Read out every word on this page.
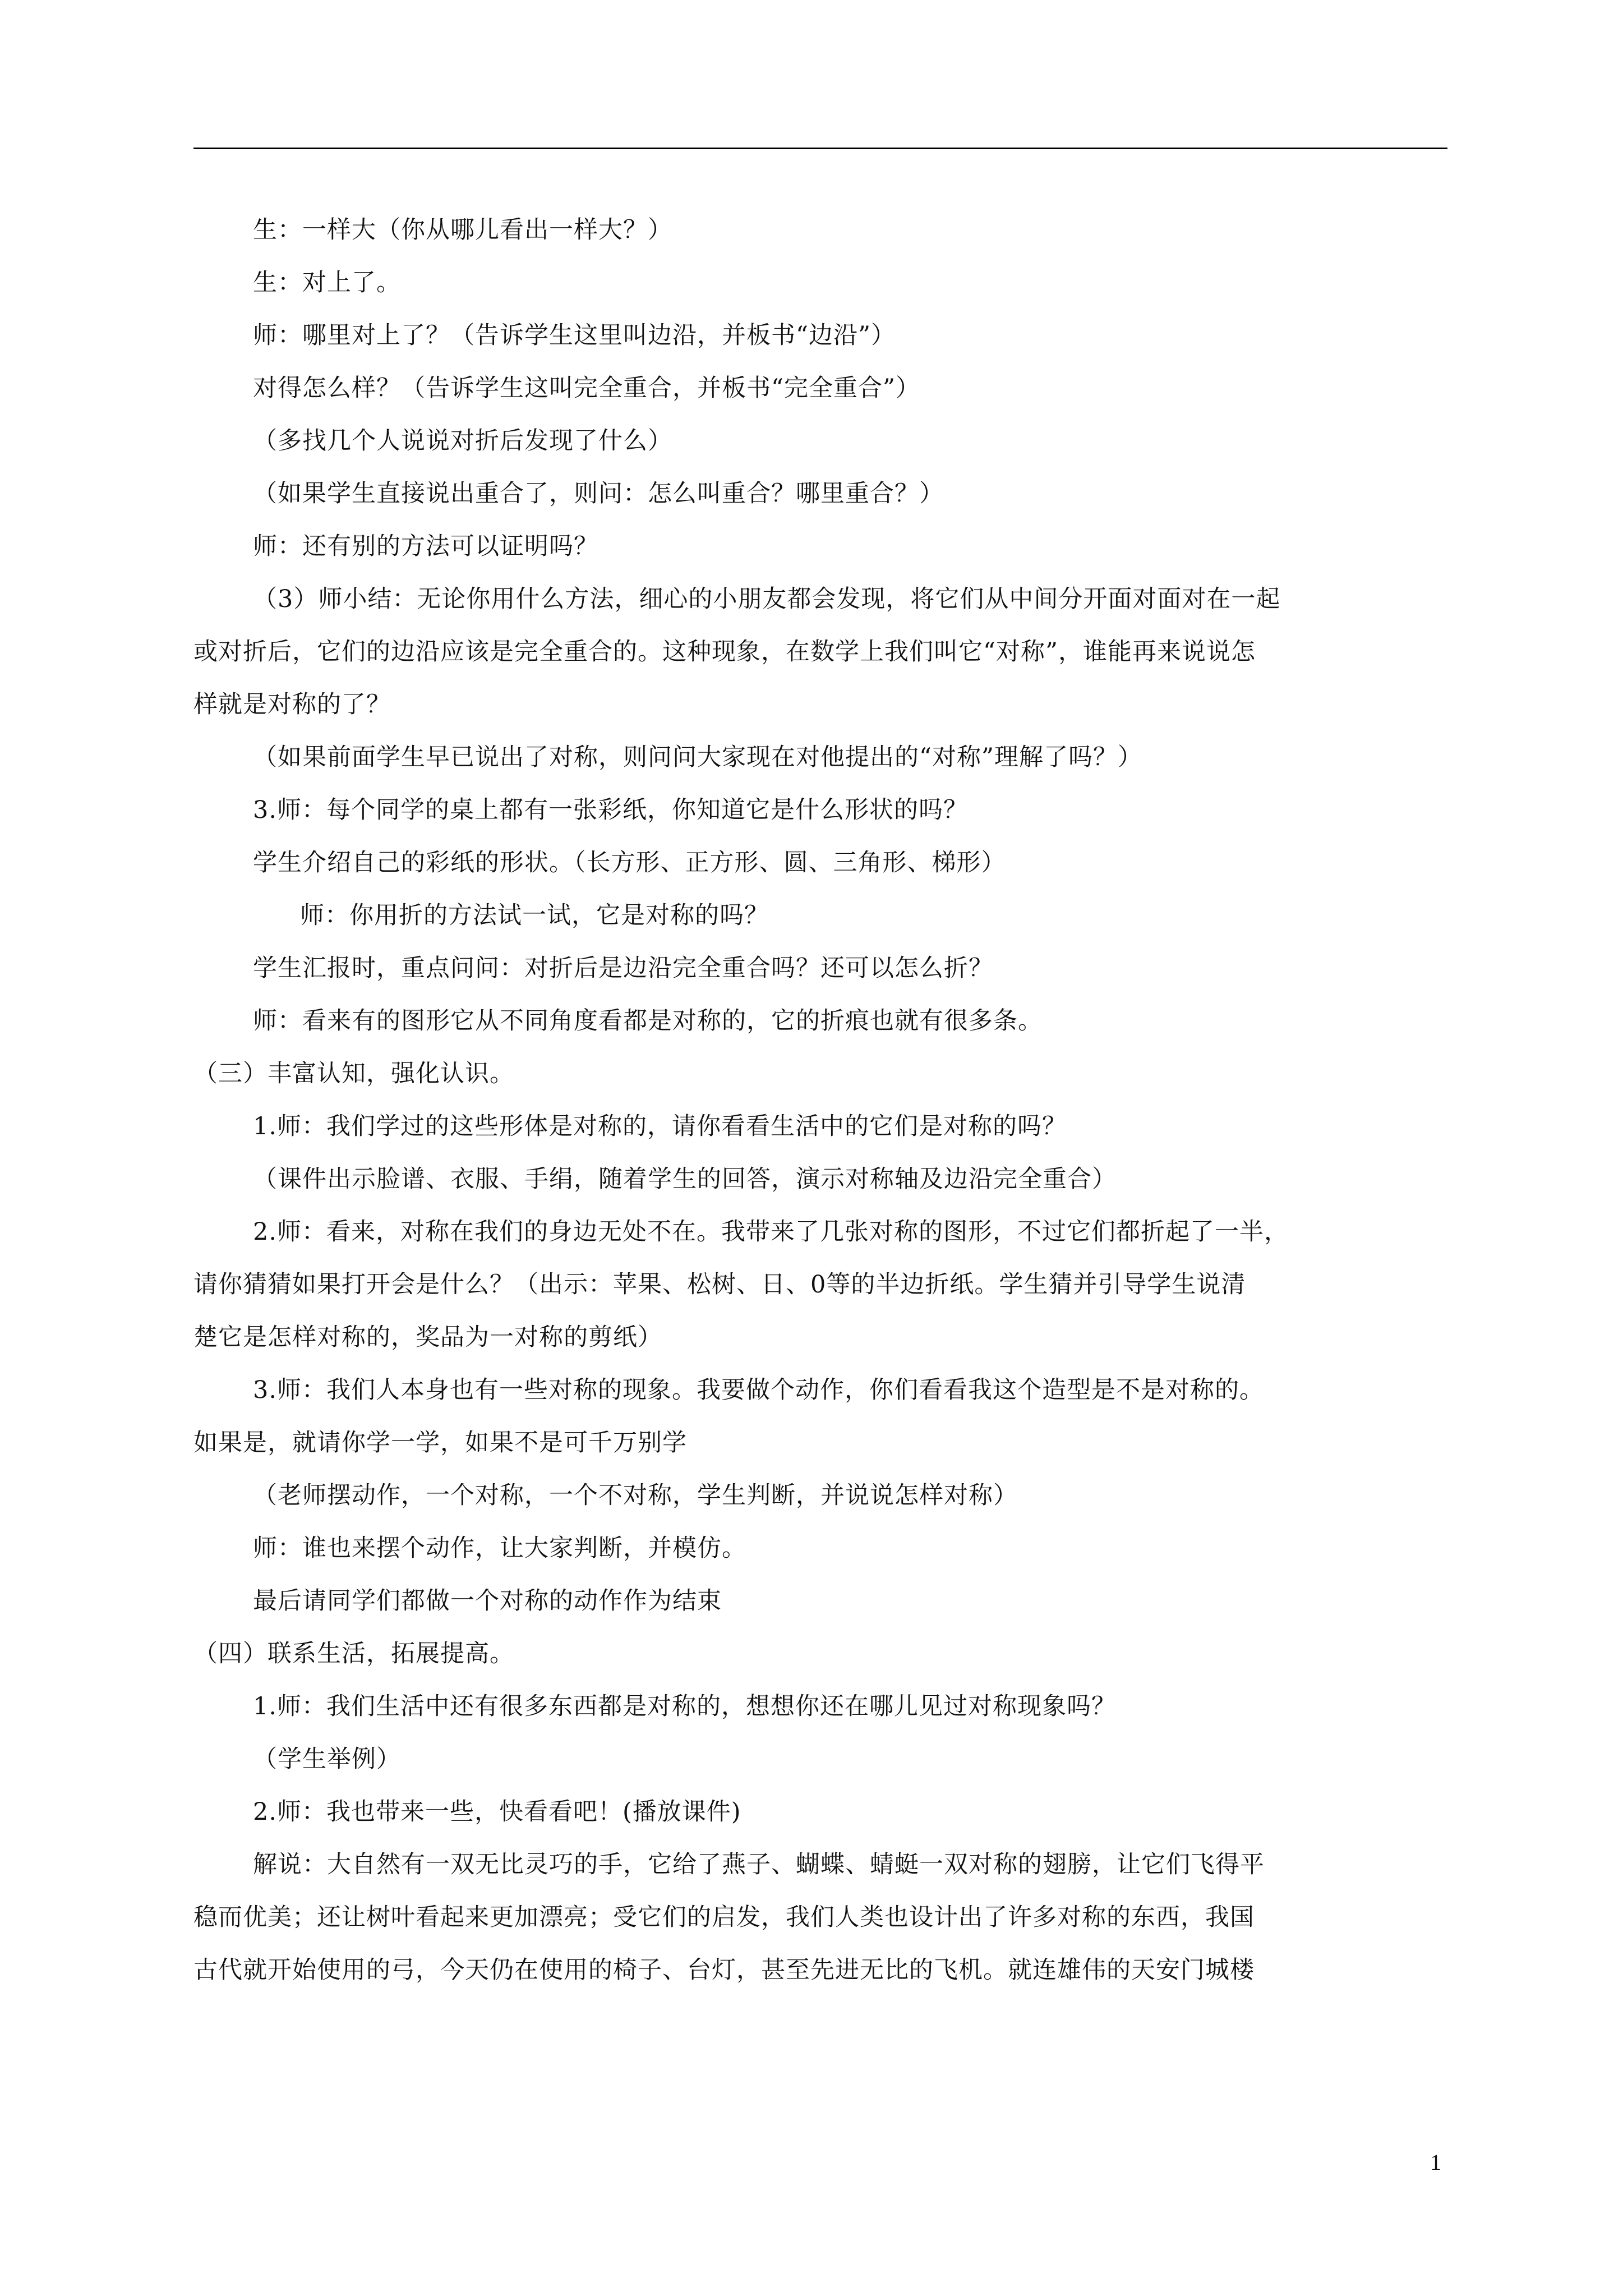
生：一样大（你从哪儿看出一样大？）
生：对上了。
师：哪里对上了？（告诉学生这里叫边沿，并板书“边沿”）
对得怎么样？（告诉学生这叫完全重合，并板书“完全重合”）
（多找几个人说说对折后发现了什么）
（如果学生直接说出重合了，则问：怎么叫重合？哪里重合？）
师：还有别的方法可以证明吗？
（3）师小结：无论你用什么方法，细心的小朋友都会发现，将它们从中间分开面对面对在一起
或对折后，它们的边沿应该是完全重合的。这种现象，在数学上我们叫它“对称”，谁能再来说说怎
样就是对称的了？
（如果前面学生早已说出了对称，则问问大家现在对他提出的“对称”理解了吗？）
3.师：每个同学的桌上都有一张彩纸，你知道它是什么形状的吗？
学生介绍自己的彩纸的形状。（长方形、正方形、圆、三角形、梯形）
师：你用折的方法试一试，它是对称的吗？
学生汇报时，重点问问：对折后是边沿完全重合吗？还可以怎么折？
师：看来有的图形它从不同角度看都是对称的，它的折痕也就有很多条。
（三）丰富认知，强化认识。
1.师：我们学过的这些形体是对称的，请你看看生活中的它们是对称的吗？
（课件出示脸谱、衣服、手绢，随着学生的回答，演示对称轴及边沿完全重合）
2.师：看来，对称在我们的身边无处不在。我带来了几张对称的图形，不过它们都折起了一半，
请你猜猜如果打开会是什么？（出示：苹果、松树、日、0等的半边折纸。学生猜并引导学生说清
楚它是怎样对称的，奖品为一对称的剪纸）
3.师：我们人本身也有一些对称的现象。我要做个动作，你们看看我这个造型是不是对称的。
如果是，就请你学一学，如果不是可千万别学
（老师摆动作，一个对称，一个不对称，学生判断，并说说怎样对称）
师：谁也来摆个动作，让大家判断，并模仿。
最后请同学们都做一个对称的动作作为结束
（四）联系生活，拓展提高。
1.师：我们生活中还有很多东西都是对称的，想想你还在哪儿见过对称现象吗？
（学生举例）
2.师：我也带来一些，快看看吧！(播放课件)
解说：大自然有一双无比灵巧的手，它给了燕子、蝴蝶、蜻蜓一双对称的翅膀，让它们飞得平
稳而优美；还让树叶看起来更加漂亮；受它们的启发，我们人类也设计出了许多对称的东西，我国
古代就开始使用的弓，今天仍在使用的椅子、台灯，甚至先进无比的飞机。就连雄伟的天安门城楼
1
